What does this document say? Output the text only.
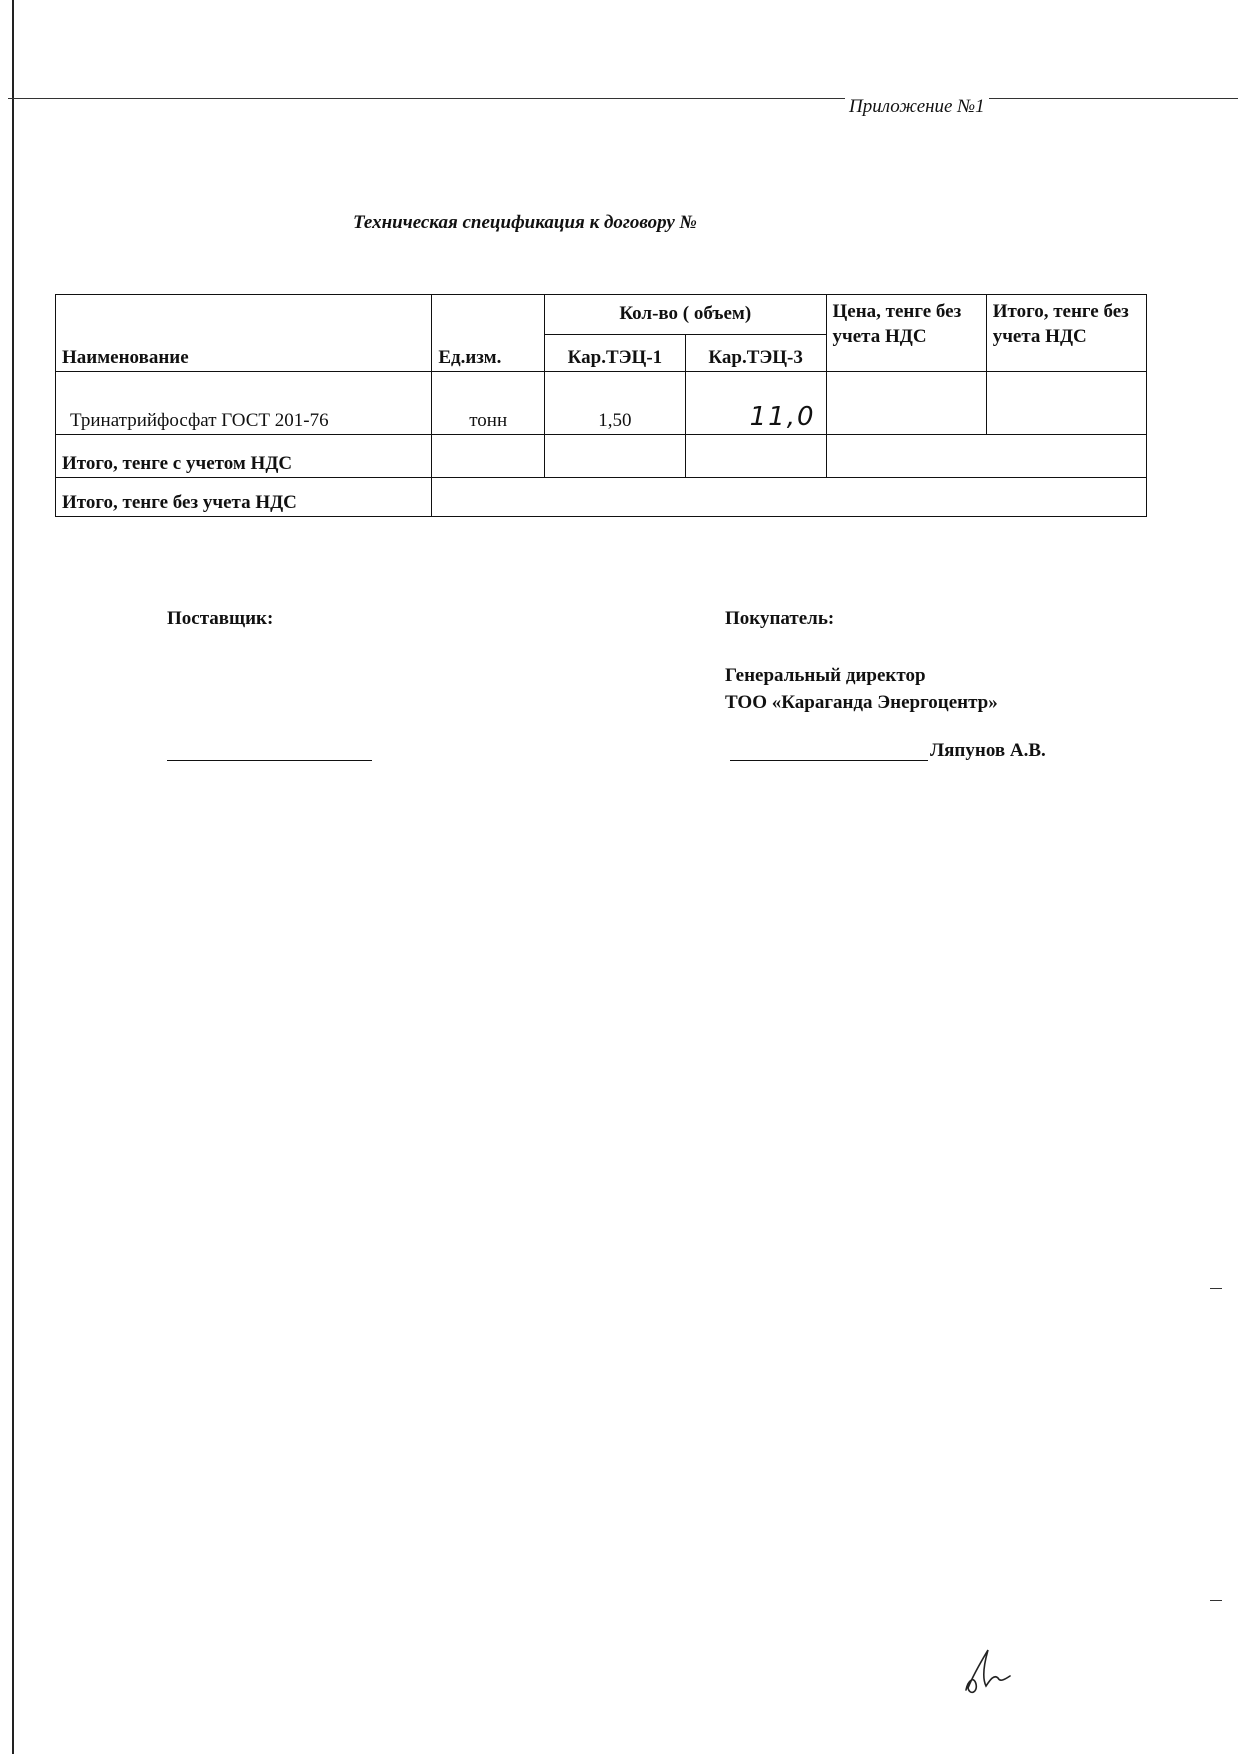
Приложение №1
Техническая спецификация к договору №
Наименование	Ед.изм.	Кол-во ( объем)		Цена, тенге без учета НДС	Итого, тенге без учета НДС
		Кар.ТЭЦ-1	Кар.ТЭЦ-3		
Тринатрийфосфат ГОСТ 201-76	тонн	1,50	11,0		
Итого, тенге с учетом НДС					
Итого, тенге без учета НДС					
Поставщик:	Покупатель:
Генеральный директор
ТОО «Караганда Энергоцентр»
Ляпунов А.В.
